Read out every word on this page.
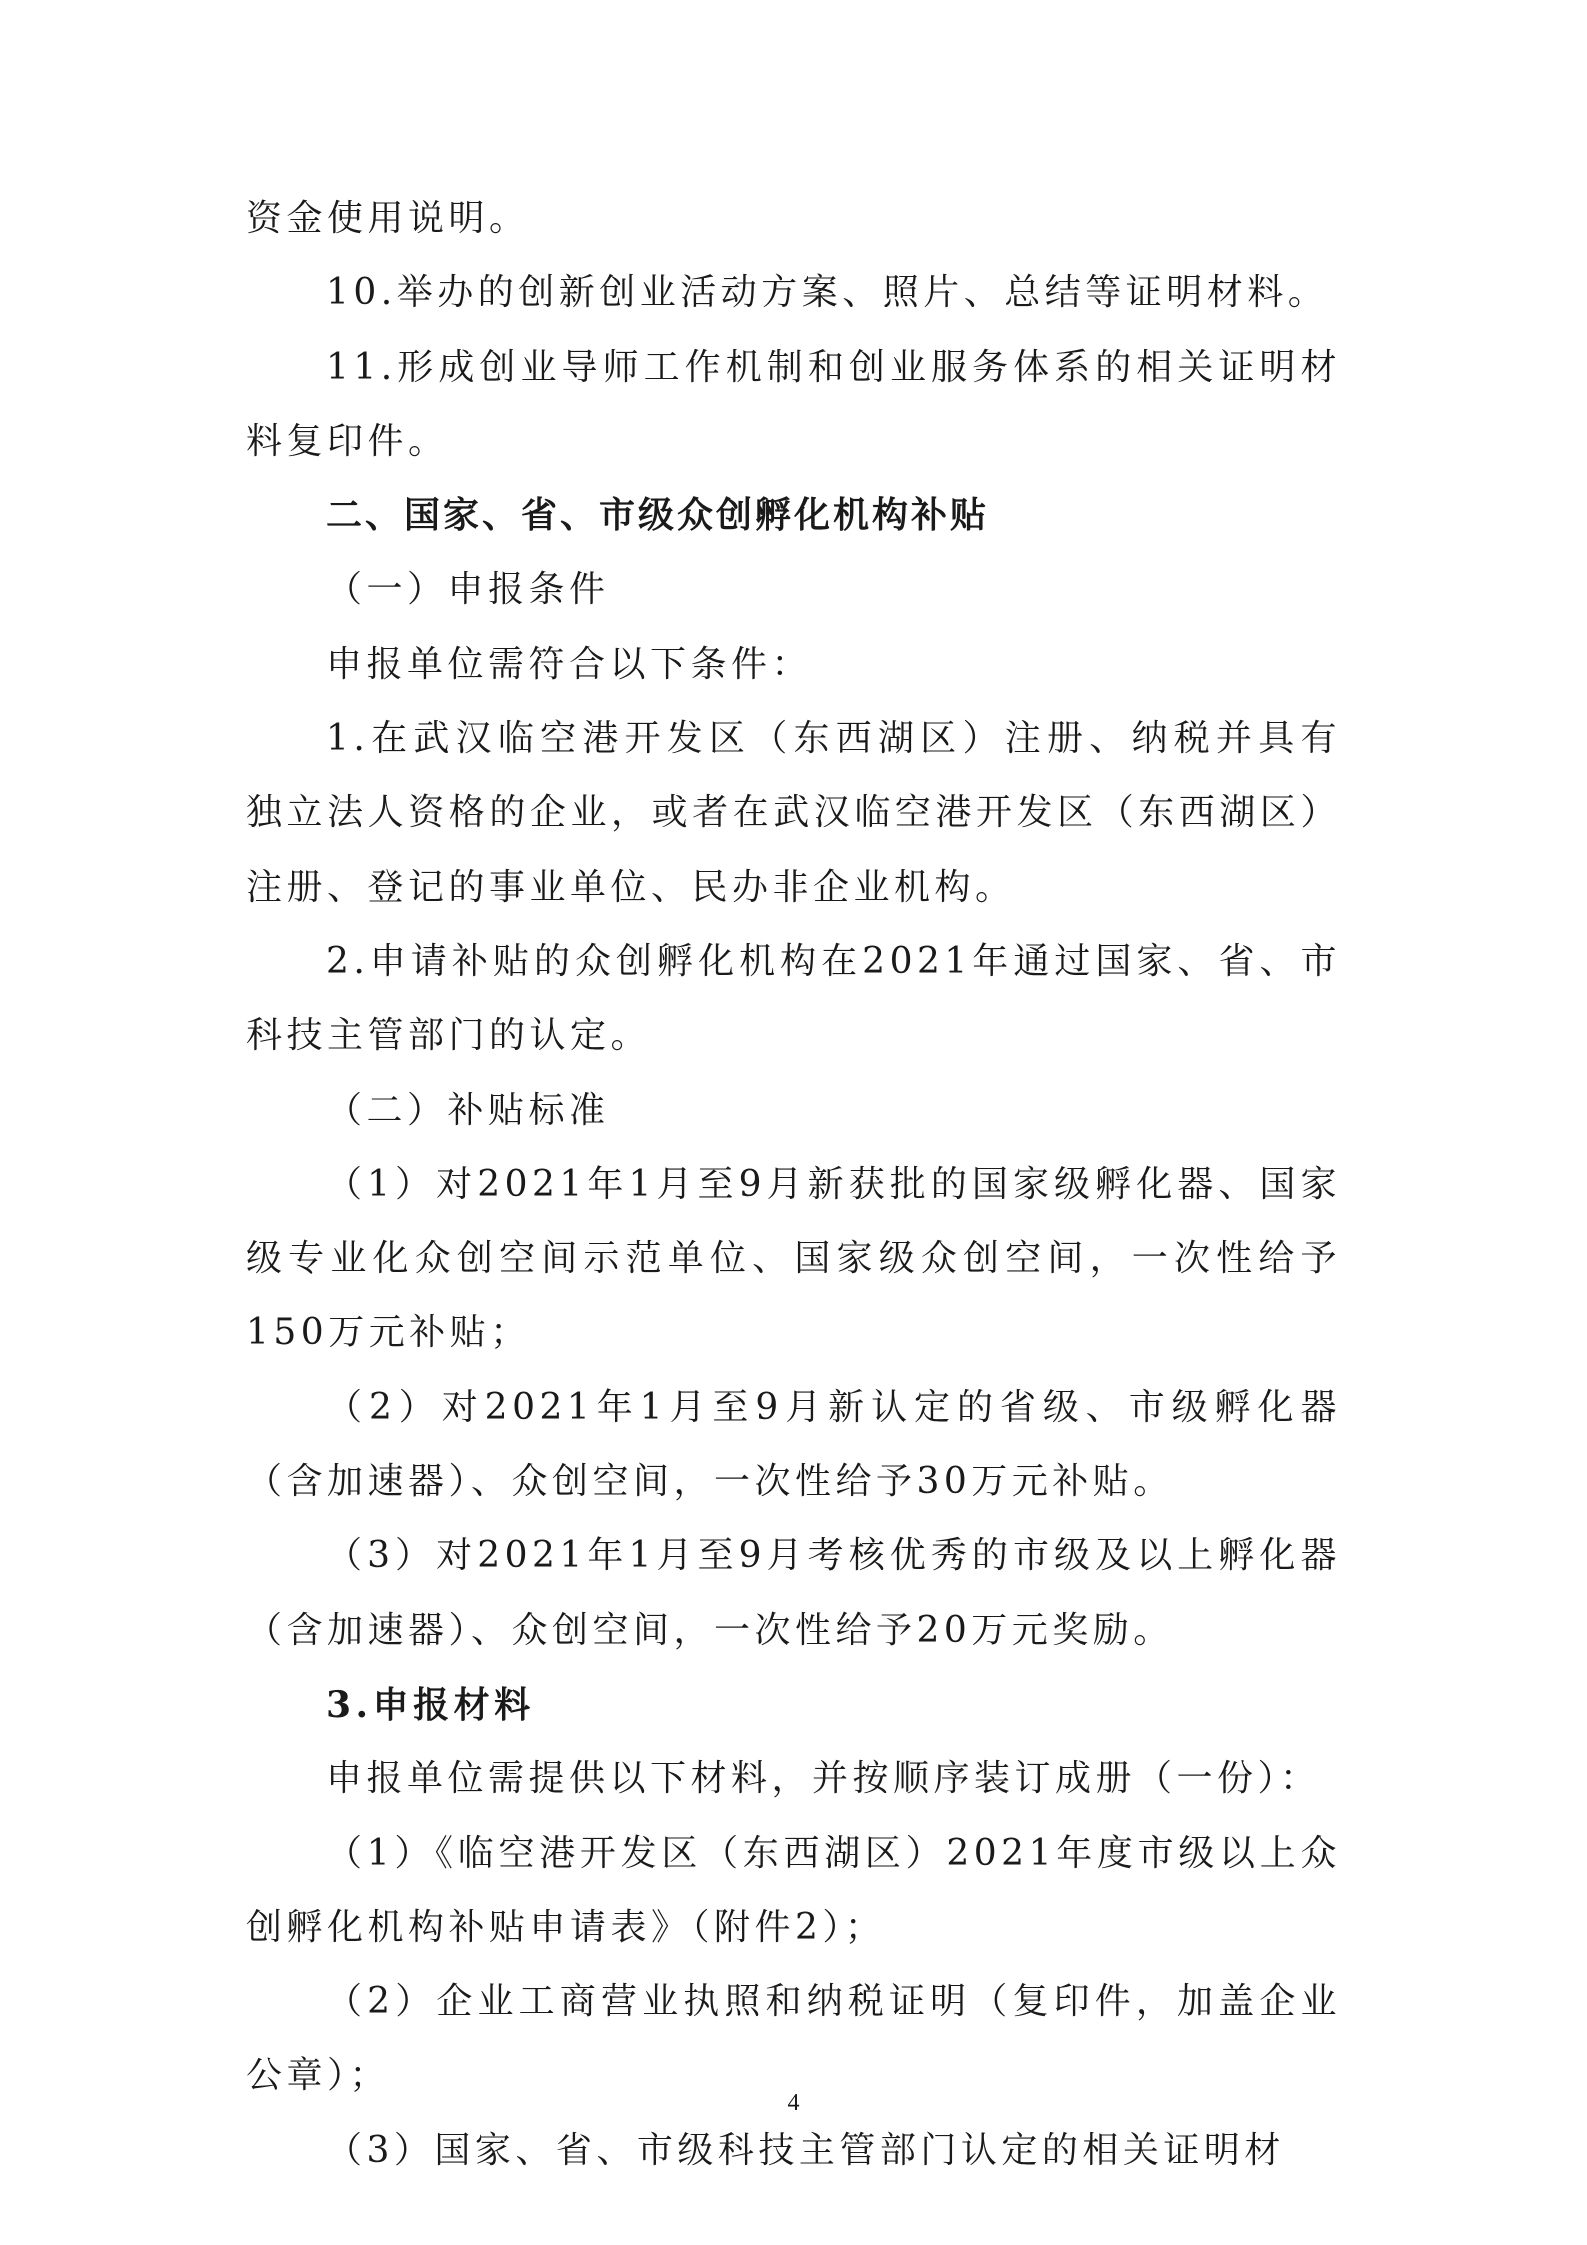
资金使用说明。

10.举办的创新创业活动方案、照片、总结等证明材料。

11.形成创业导师工作机制和创业服务体系的相关证明材料复印件。

二、国家、省、市级众创孵化机构补贴

（一）申报条件

申报单位需符合以下条件：

1.在武汉临空港开发区（东西湖区）注册、纳税并具有独立法人资格的企业，或者在武汉临空港开发区（东西湖区）注册、登记的事业单位、民办非企业机构。

2.申请补贴的众创孵化机构在2021年通过国家、省、市科技主管部门的认定。

（二）补贴标准

（1）对2021年1月至9月新获批的国家级孵化器、国家级专业化众创空间示范单位、国家级众创空间，一次性给予150万元补贴；

（2）对2021年1月至9月新认定的省级、市级孵化器（含加速器）、众创空间，一次性给予30万元补贴。

（3）对2021年1月至9月考核优秀的市级及以上孵化器（含加速器）、众创空间，一次性给予20万元奖励。

3.申报材料

申报单位需提供以下材料，并按顺序装订成册（一份）：

（1）《临空港开发区（东西湖区）2021年度市级以上众创孵化机构补贴申请表》（附件2）；

（2）企业工商营业执照和纳税证明（复印件，加盖企业公章）；

（3）国家、省、市级科技主管部门认定的相关证明材

4
